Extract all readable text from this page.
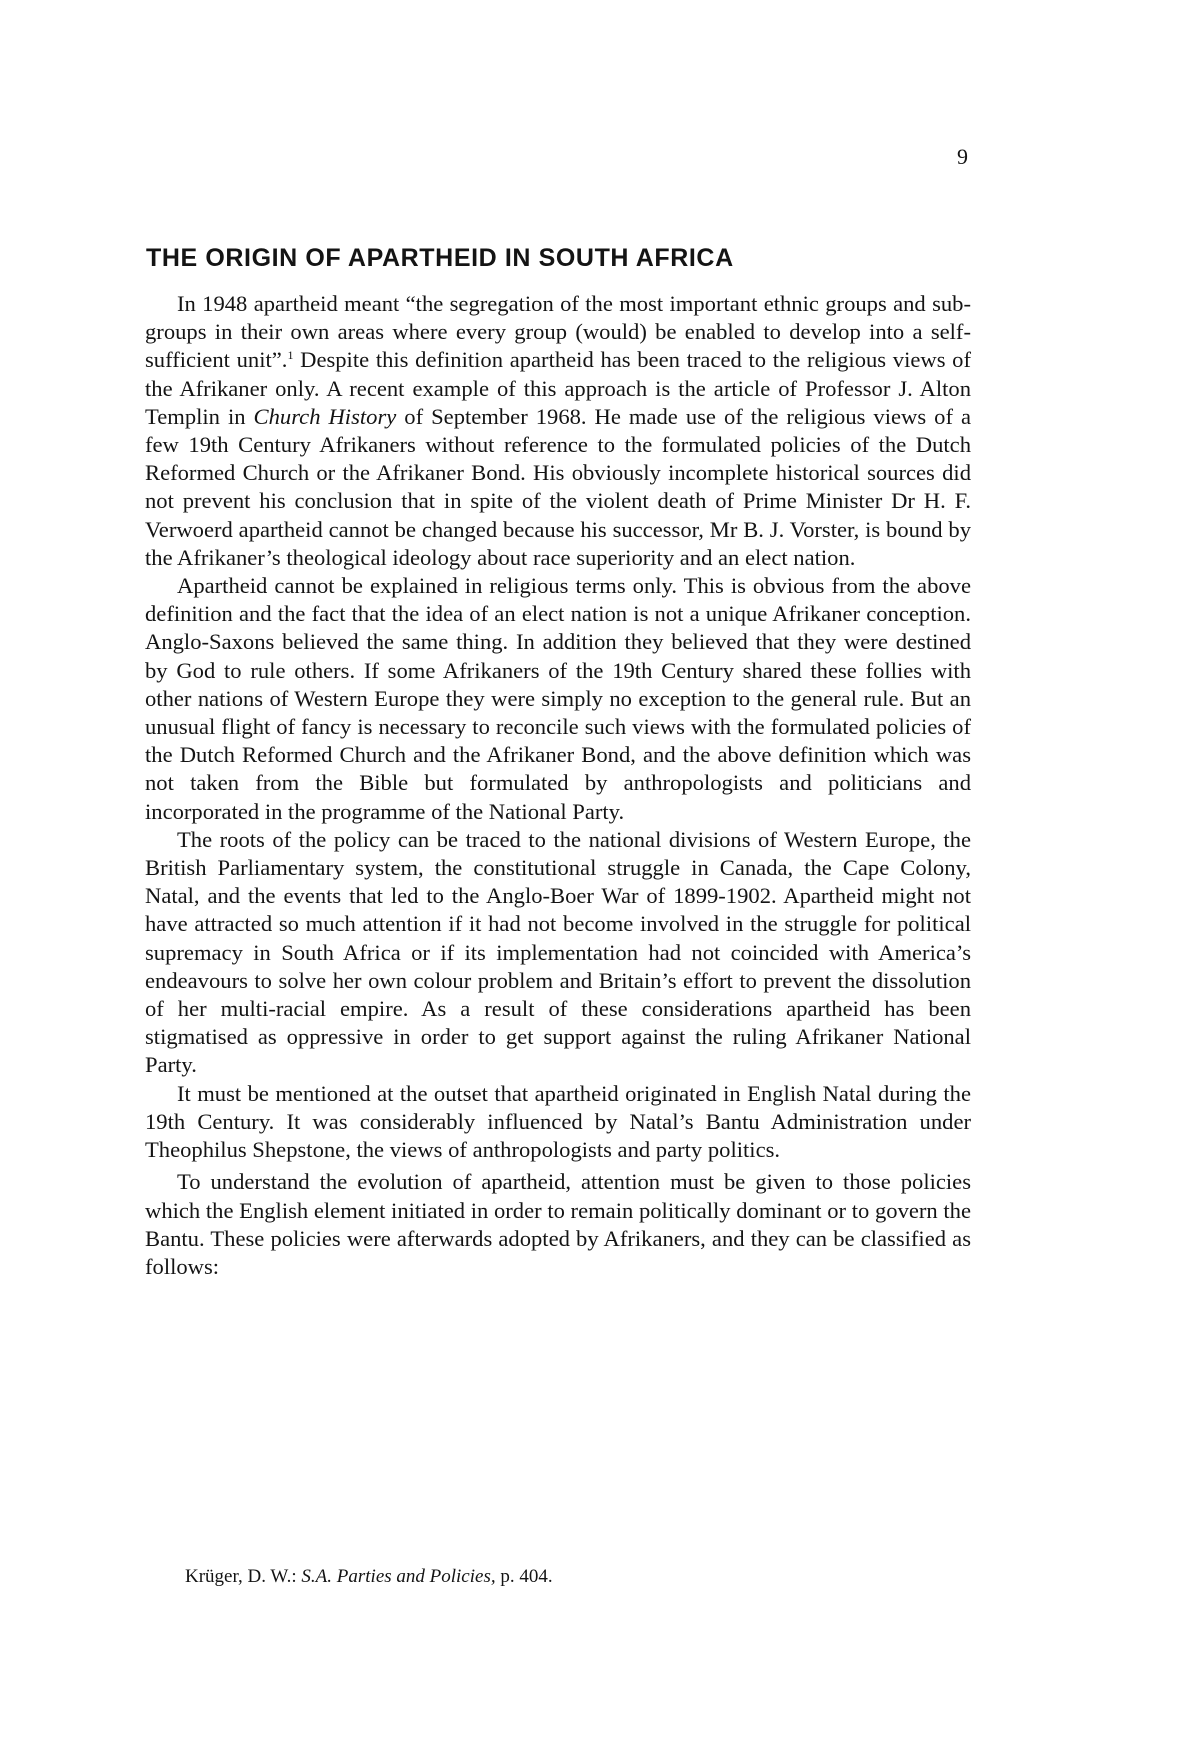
9
THE ORIGIN OF APARTHEID IN SOUTH AFRICA

In 1948 apartheid meant “the segregation of the most important ethnic groups and sub-groups in their own areas where every group (would) be enabled to develop into a self-sufficient unit”.$^1$ Despite this definition apartheid has been traced to the religious views of the Afrikaner only. A recent example of this approach is the article of Professor J. Alton Templin in Church History of September 1968. He made use of the religious views of a few 19th Century Afrikaners without reference to the formulated policies of the Dutch Reformed Church or the Afrikaner Bond. His obviously incomplete historical sources did not prevent his conclusion that in spite of the violent death of Prime Minister Dr H. F. Verwoerd apartheid cannot be changed because his successor, Mr B. J. Vorster, is bound by the Afrikaner’s theological ideology about race superiority and an elect nation.

Apartheid cannot be explained in religious terms only. This is obvious from the above definition and the fact that the idea of an elect nation is not a unique Afrikaner conception. Anglo-Saxons believed the same thing. In addition they believed that they were destined by God to rule others. If some Afrikaners of the 19th Century shared these follies with other nations of Western Europe they were simply no exception to the general rule. But an unusual flight of fancy is necessary to reconcile such views with the formulated policies of the Dutch Reformed Church and the Afrikaner Bond, and the above definition which was not taken from the Bible but formulated by anthropologists and politicians and incorporated in the programme of the National Party.

The roots of the policy can be traced to the national divisions of Western Europe, the British Parliamentary system, the constitutional struggle in Canada, the Cape Colony, Natal, and the events that led to the Anglo-Boer War of 1899-1902. Apartheid might not have attracted so much attention if it had not become involved in the struggle for political supremacy in South Africa or if its implementation had not coincided with America’s endeavours to solve her own colour problem and Britain’s effort to prevent the dissolution of her multi-racial empire. As a result of these considerations apartheid has been stigmatised as oppressive in order to get support against the ruling Afrikaner National Party.

It must be mentioned at the outset that apartheid originated in English Natal during the 19th Century. It was considerably influenced by Natal’s Bantu Administration under Theophilus Shepstone, the views of anthropologists and party politics.

To understand the evolution of apartheid, attention must be given to those policies which the English element initiated in order to remain politically dominant or to govern the Bantu. These policies were afterwards adopted by Afrikaners, and they can be classified as follows:

Krüger, D. W.: S.A. Parties and Policies, p. 404.
